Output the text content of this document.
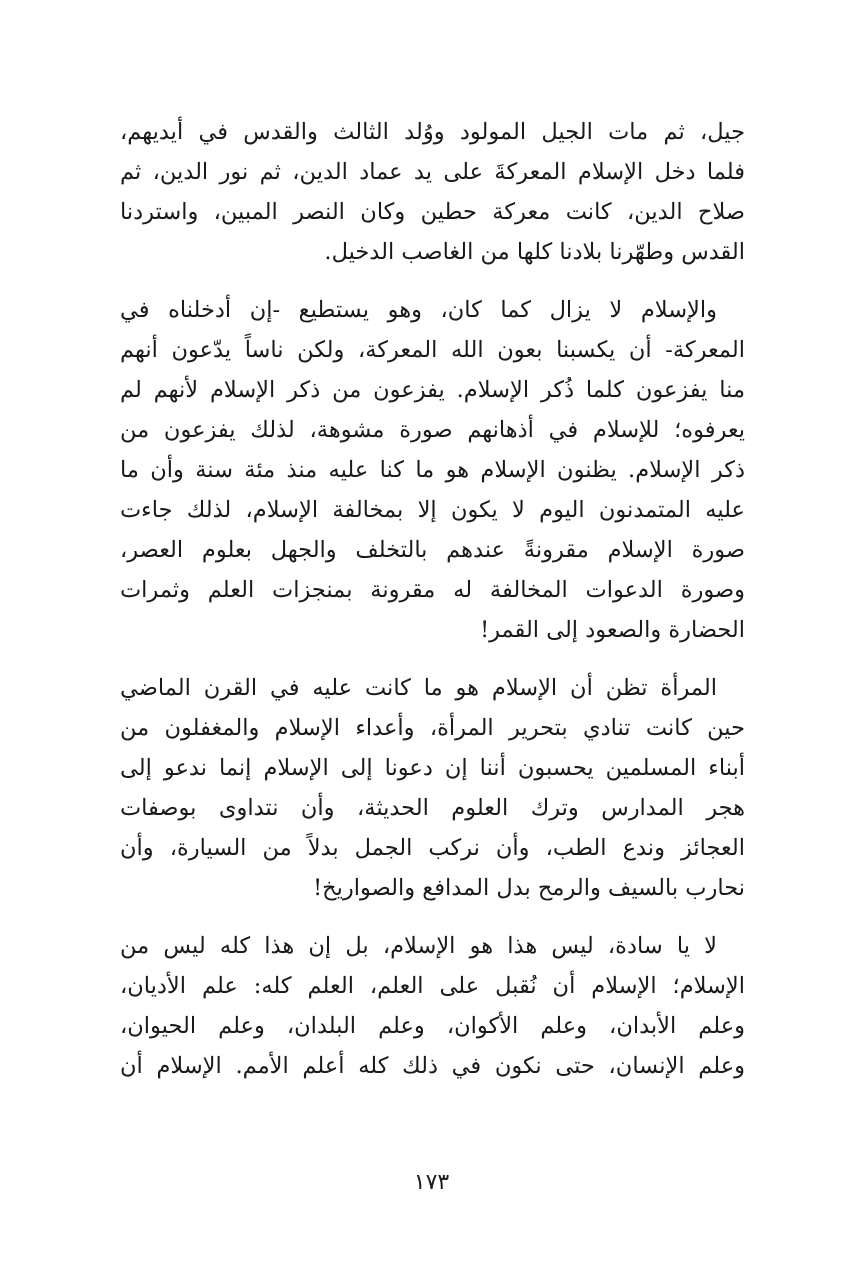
جيل، ثم مات الجيل المولود ووُلد الثالث والقدس في أيديهم،
فلما دخل الإسلام المعركةَ على يد عماد الدين، ثم نور الدين، ثم
صلاح الدين، كانت معركة حطين وكان النصر المبين، واستردنا
القدس وطهّرنا بلادنا كلها من الغاصب الدخيل.

والإسلام لا يزال كما كان، وهو يستطيع -إن أدخلناه في
المعركة- أن يكسبنا بعون الله المعركة، ولكن ناساً يدّعون أنهم
منا يفزعون كلما ذُكر الإسلام. يفزعون من ذكر الإسلام لأنهم لم
يعرفوه؛ للإسلام في أذهانهم صورة مشوهة، لذلك يفزعون من
ذكر الإسلام. يظنون الإسلام هو ما كنا عليه منذ مئة سنة وأن ما
عليه المتمدنون اليوم لا يكون إلا بمخالفة الإسلام، لذلك جاءت
صورة الإسلام مقرونةً عندهم بالتخلف والجهل بعلوم العصر،
وصورة الدعوات المخالفة له مقرونة بمنجزات العلم وثمرات
الحضارة والصعود إلى القمر!

المرأة تظن أن الإسلام هو ما كانت عليه في القرن الماضي
حين كانت تنادي بتحرير المرأة، وأعداء الإسلام والمغفلون من
أبناء المسلمين يحسبون أننا إن دعونا إلى الإسلام إنما ندعو إلى
هجر المدارس وترك العلوم الحديثة، وأن نتداوى بوصفات
العجائز وندع الطب، وأن نركب الجمل بدلاً من السيارة، وأن
نحارب بالسيف والرمح بدل المدافع والصواريخ!

لا يا سادة، ليس هذا هو الإسلام، بل إن هذا كله ليس من
الإسلام؛ الإسلام أن نُقبل على العلم، العلم كله: علم الأديان،
وعلم الأبدان، وعلم الأكوان، وعلم البلدان، وعلم الحيوان،
وعلم الإنسان، حتى نكون في ذلك كله أعلم الأمم. الإسلام أن

١٧٣
